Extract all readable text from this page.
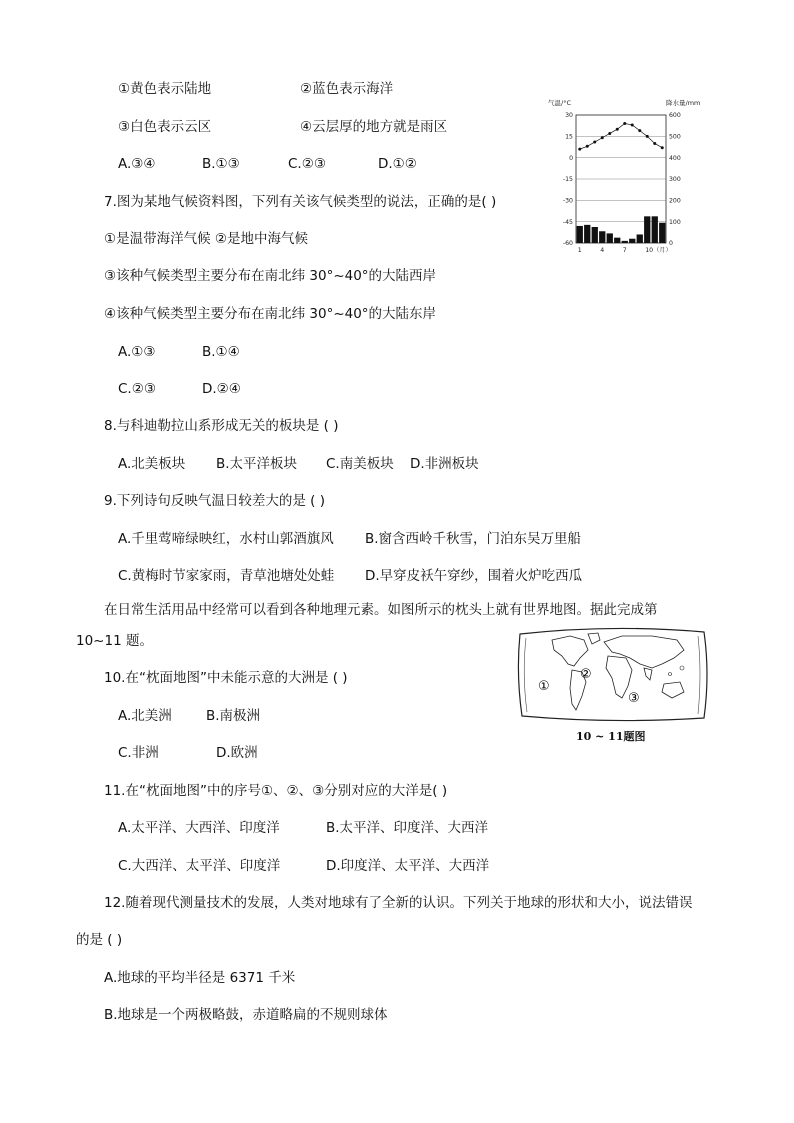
①黄色表示陆地	②蓝色表示海洋
③白色表示云区	④云层厚的地方就是雨区
A.③④	B.①③	C.②③	D.①②
7.图为某地气候资料图，下列有关该气候类型的说法，正确的是( )
①是温带海洋气候 ②是地中海气候
③该种气候类型主要分布在南北纬 30°~40°的大陆西岸
④该种气候类型主要分布在南北纬 30°~40°的大陆东岸
A.①③	B.①④
C.②③	D.②④
气温/°C	降水量/mm
30
15
0
-15
-30
-45
-60
600
500
400
300
200
100
0
1	4	7	10（月）
8.与科迪勒拉山系形成无关的板块是 ( )
A.北美板块 B.太平洋板块 C.南美板块 D.非洲板块
9.下列诗句反映气温日较差大的是 ( )
A.千里莺啼绿映红，水村山郭酒旗风 B.窗含西岭千秋雪，门泊东吴万里船
C.黄梅时节家家雨，青草池塘处处蛙 D.早穿皮袄午穿纱，围着火炉吃西瓜
在日常生活用品中经常可以看到各种地理元素。如图所示的枕头上就有世界地图。据此完成第
10~11 题。
①
②
③
10 ~ 11题图
10.在“枕面地图”中未能示意的大洲是 ( )
A.北美洲	B.南极洲
C.非洲	D.欧洲
11.在“枕面地图”中的序号①、②、③分别对应的大洋是( )
A.太平洋、大西洋、印度洋	B.太平洋、印度洋、大西洋
C.大西洋、太平洋、印度洋	D.印度洋、太平洋、大西洋
12.随着现代测量技术的发展，人类对地球有了全新的认识。下列关于地球的形状和大小，说法错误
的是 ( )
A.地球的平均半径是 6371 千米
B.地球是一个两极略鼓，赤道略扁的不规则球体
